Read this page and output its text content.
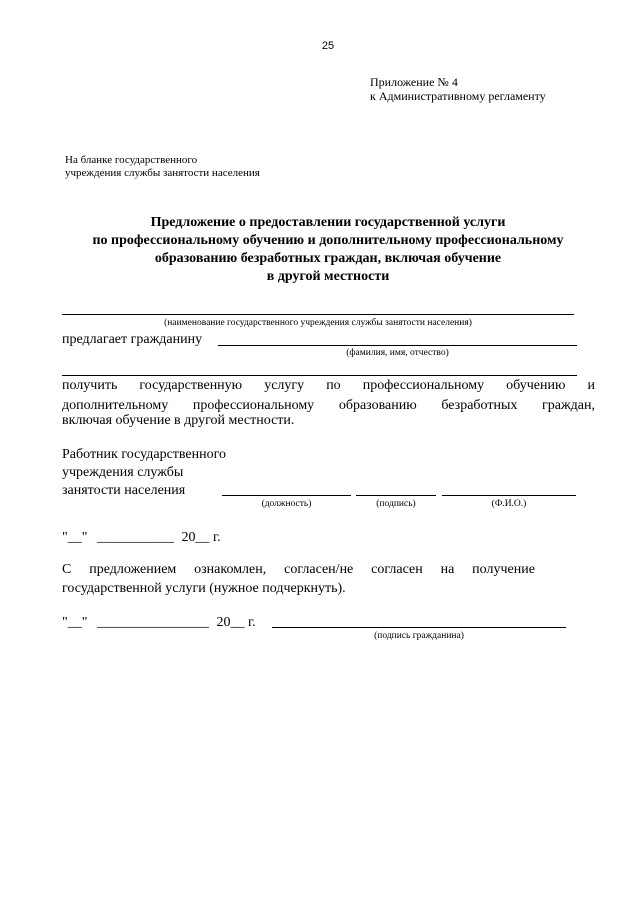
25
Приложение № 4
к Административному регламенту
На бланке государственного
учреждения службы занятости населения
Предложение о предоставлении государственной услуги
по профессиональному обучению и дополнительному профессиональному
образованию безработных граждан, включая обучение
в другой местности
(наименование государственного учреждения службы занятости населения)
предлагает гражданину
(фамилия, имя, отчество)
получить государственную услугу по профессиональному обучению и
дополнительному профессиональному образованию безработных граждан,
включая обучение в другой местности.
Работник государственного
учреждения службы
занятости населения
(должность)	(подпись)	(Ф.И.О.)
"__" ___________ 20__ г.
С предложением ознакомлен, согласен/не согласен на получение
государственной услуги (нужное подчеркнуть).
"__" ________________ 20__ г.
(подпись гражданина)
